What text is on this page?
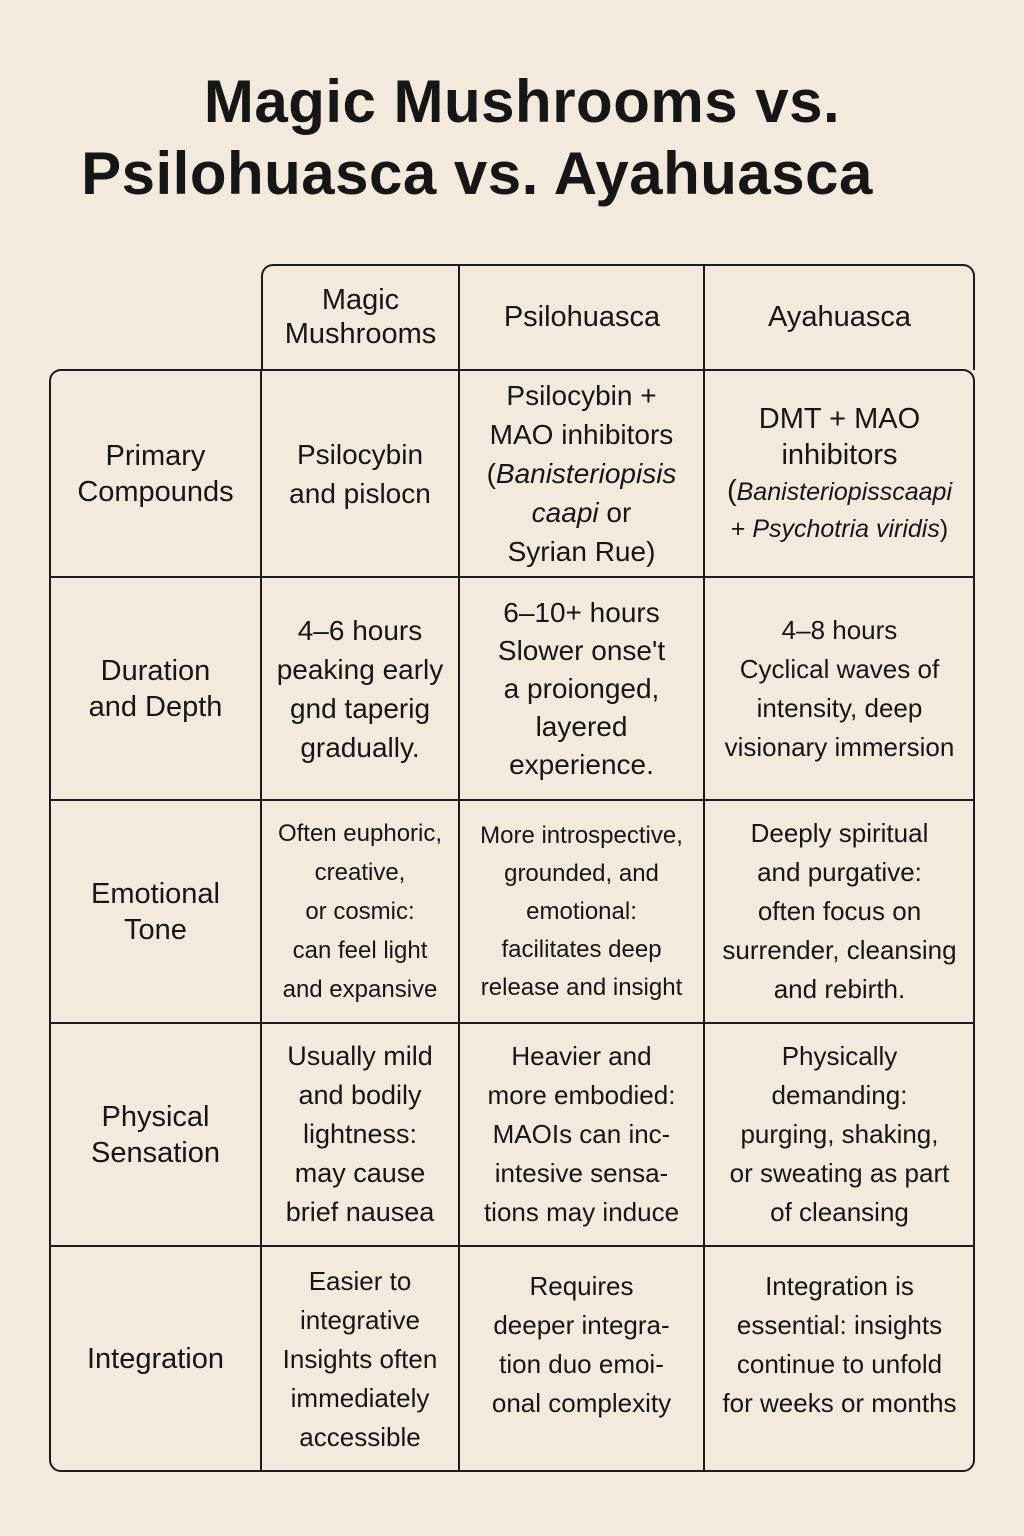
Magic Mushrooms vs.
Psilohuasca vs. Ayahuasca
Magic Mushrooms
Psilohuasca	Ayahuasca
Primary
Compounds
Psilocybin
and pislocn
Psilocybin +
MAO inhibitors
(Banisteriopisis
caapi or
Syrian Rue)
DMT + MAO
inhibitors
(Banisteriopisscaapi
+ Psychotria viridis)
Duration
and Depth
4–6 hours
peaking early
gnd taperig
gradually.
6–10+ hours
Slower onse't
a proionged,
layered
experience.
4–8 hours
Cyclical waves of
intensity, deep
visionary immersion
Emotional
Tone
Often euphoric,
creative,
or cosmic:
can feel light
and expansive
More introspective,
grounded, and
emotional:
facilitates deep
release and insight
Deeply spiritual
and purgative:
often focus on
surrender, cleansing
and rebirth.
Physical
Sensation
Usually mild
and bodily
lightness:
may cause
brief nausea
Heavier and
more embodied:
MAOIs can inc-
intesive sensa-
tions may induce
Physically
demanding:
purging, shaking,
or sweating as part
of cleansing
Integration
Easier to
integrative
Insights often
immediately
accessible
Requires
deeper integra-
tion duo emoi-
onal complexity
Integration is
essential: insights
continue to unfold
for weeks or months
